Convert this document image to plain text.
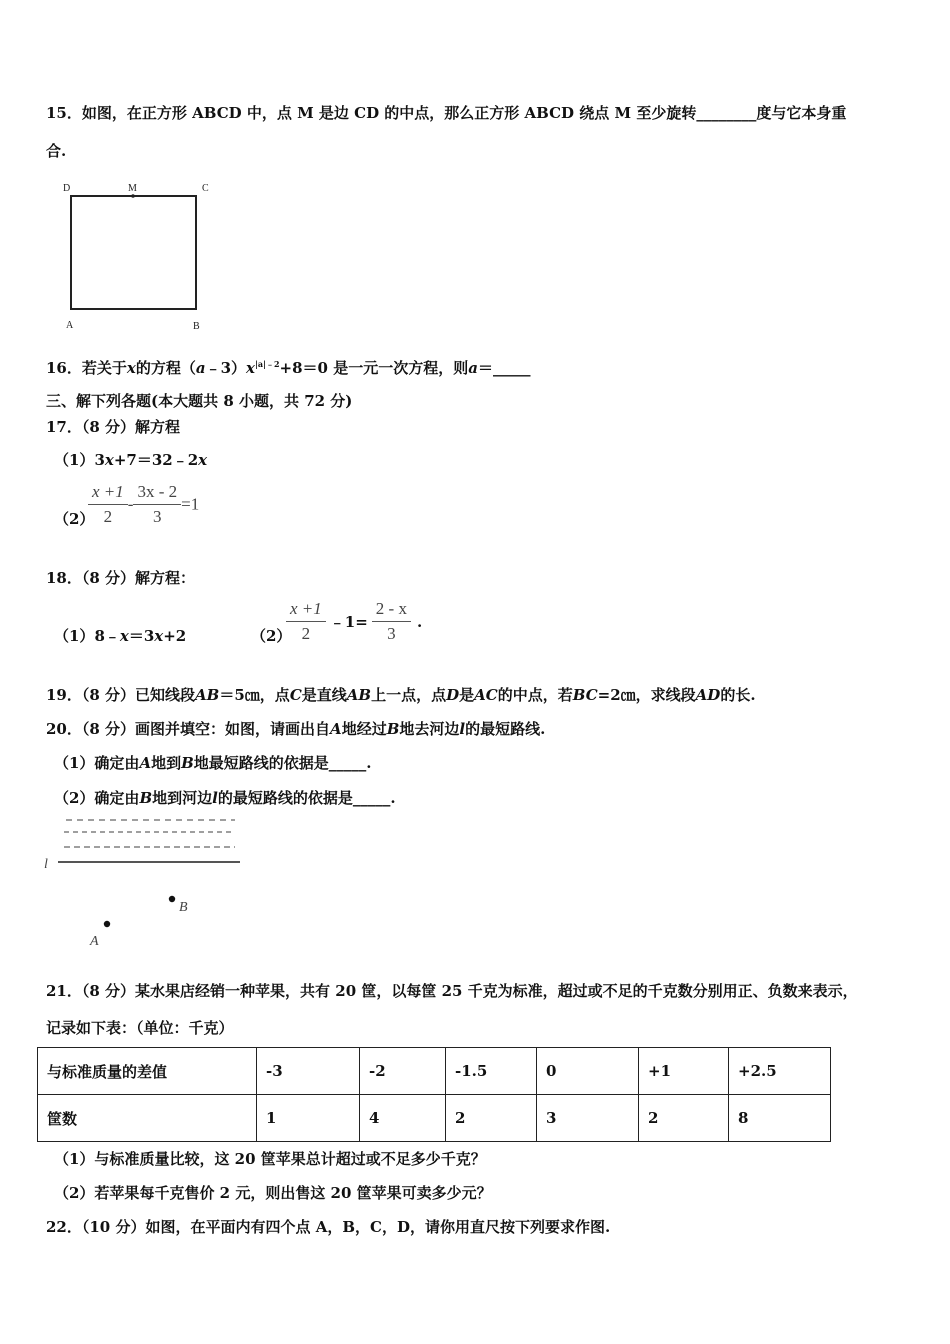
15．如图，在正方形 ABCD 中，点 M 是边 CD 的中点，那么正方形 ABCD 绕点 M 至少旋转________度与它本身重
合.
D	M	C
A	B
16．若关于x的方程$(a﹣3)x^{|a|﹣2}+8=0$ 是一元一次方程，则a＝_____
三、解下列各题(本大题共 8 小题，共 72 分)
17．（8 分）解方程
（1）3x+7＝32﹣2x
（2）
$\frac{x +1}{2} - \frac{3x - 2}{3} =1$
18．（8 分）解方程：
（1）8﹣x＝3x+2	（2）
$\frac{x +1}{2}$ ﹣1= $\frac{2 - x}{3}$ .
19．（8 分）已知线段AB＝5㎝，点C是直线AB上一点，点D是AC的中点，若BC=2㎝，求线段AD的长.
20．（8 分）画图并填空：如图，请画出自A地经过B地去河边l的最短路线.
（1）确定由A地到B地最短路线的依据是_____.
（2）确定由B地到河边l的最短路线的依据是_____.
l
B
A
21．（8 分）某水果店经销一种苹果，共有 20 筐，以每筐 25 千克为标准，超过或不足的千克数分别用正、负数来表示，
记录如下表：（单位：千克）
与标准质量的差值	-3	-2	-1.5	0	+1	+2.5
筐数	1	4	2	3	2	8
（1）与标准质量比较，这 20 筐苹果总计超过或不足多少千克？
（2）若苹果每千克售价 2 元，则出售这 20 筐苹果可卖多少元？
22．（10 分）如图，在平面内有四个点 A，B，C，D，请你用直尺按下列要求作图.
